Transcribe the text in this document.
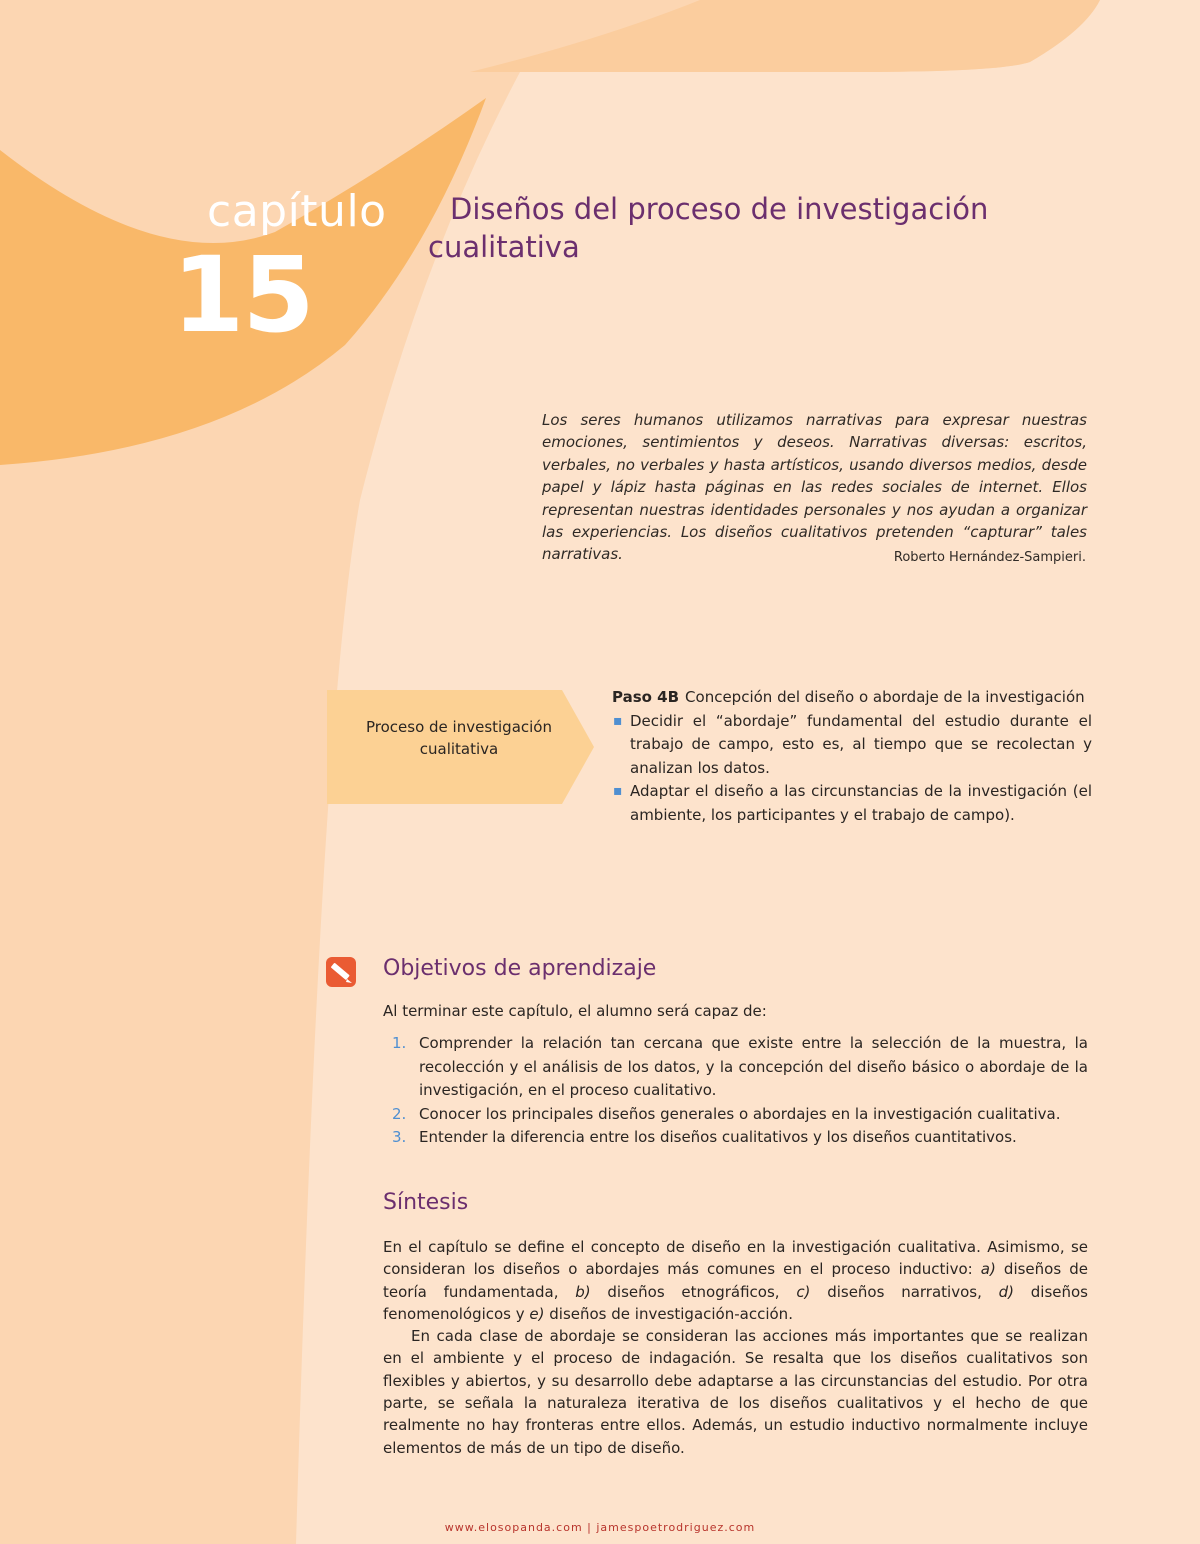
capítulo
15
Diseños del proceso de investigación
cualitativa
Los seres humanos utilizamos narrativas para expresar nuestras emociones, sentimientos y deseos. Narrativas diversas: escritos, verbales, no verbales y hasta artísticos, usando diversos medios, desde papel y lápiz hasta páginas en las redes sociales de internet. Ellos representan nuestras identidades personales y nos ayudan a organizar las experiencias. Los diseños cualitativos pretenden “capturar” tales narrativas.	Roberto Hernández-Sampieri.
Proceso de investigación
cualitativa
Paso 4B Concepción del diseño o abordaje de la investigación
▪ Decidir el “abordaje” fundamental del estudio durante el trabajo de campo, esto es, al tiempo que se recolectan y analizan los datos.
▪ Adaptar el diseño a las circunstancias de la investigación (el ambiente, los participantes y el trabajo de campo).
Objetivos de aprendizaje
Al terminar este capítulo, el alumno será capaz de:
1. Comprender la relación tan cercana que existe entre la selección de la muestra, la recolección y el análisis de los datos, y la concepción del diseño básico o abordaje de la investigación, en el proceso cualitativo.
2. Conocer los principales diseños generales o abordajes en la investigación cualitativa.
3. Entender la diferencia entre los diseños cualitativos y los diseños cuantitativos.
Síntesis

En el capítulo se define el concepto de diseño en la investigación cualitativa. Asimismo, se consideran los diseños o abordajes más comunes en el proceso inductivo: a) diseños de teoría fundamentada, b) diseños etnográficos, c) diseños narrativos, d) diseños fenomenológicos y e) diseños de investigación-acción.

En cada clase de abordaje se consideran las acciones más importantes que se realizan en el ambiente y el proceso de indagación. Se resalta que los diseños cualitativos son flexibles y abiertos, y su desarrollo debe adaptarse a las circunstancias del estudio. Por otra parte, se señala la naturaleza iterativa de los diseños cualitativos y el hecho de que realmente no hay fronteras entre ellos. Además, un estudio inductivo normalmente incluye elementos de más de un tipo de diseño.

www.elosopanda.com | jamespoetrodriguez.com
